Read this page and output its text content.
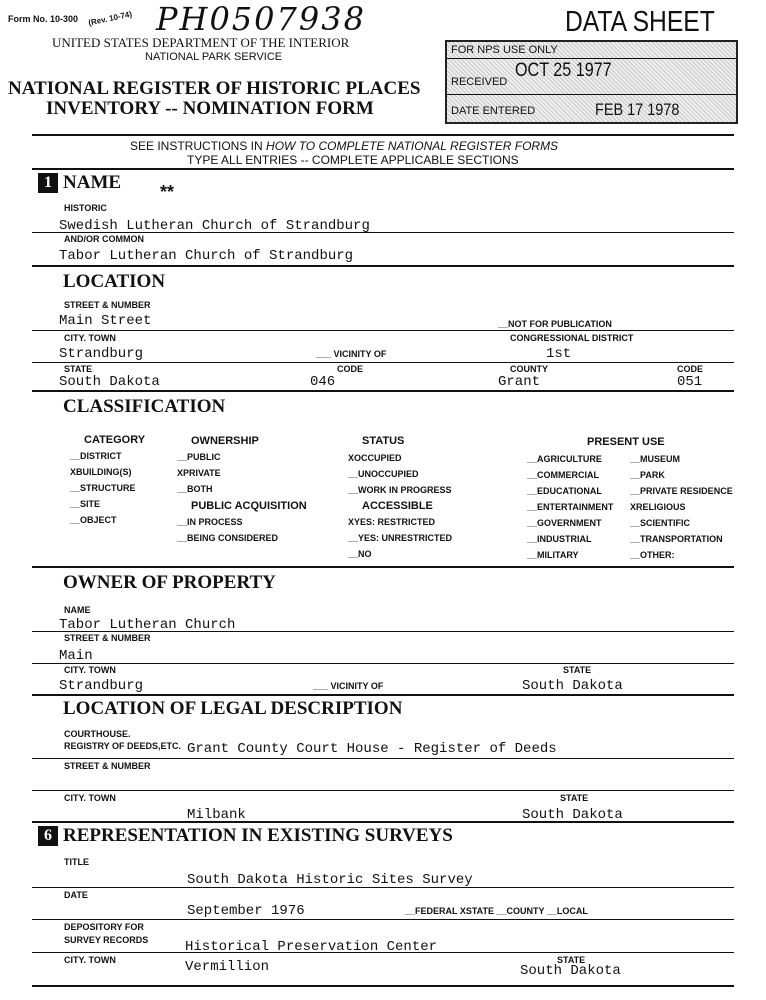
Form No. 10-300 (Rev. 10-74) PH0507938
UNITED STATES DEPARTMENT OF THE INTERIOR
NATIONAL PARK SERVICE
NATIONAL REGISTER OF HISTORIC PLACES
INVENTORY -- NOMINATION FORM
DATA SHEET
FOR NPS USE ONLY
RECEIVED
OCT 25 1977
DATE ENTERED	FEB 17 1978
SEE INSTRUCTIONS IN HOW TO COMPLETE NATIONAL REGISTER FORMS
TYPE ALL ENTRIES -- COMPLETE APPLICABLE SECTIONS
1 NAME **
HISTORIC
Swedish Lutheran Church of Strandburg
AND/OR COMMON
Tabor Lutheran Church of Strandburg
LOCATION
STREET & NUMBER
Main Street	__NOT FOR PUBLICATION
CITY. TOWN	CONGRESSIONAL DISTRICT
Strandburg	___ VICINITY OF	1st
STATE	CODE	COUNTY	CODE
South Dakota	046	Grant	051
CLASSIFICATION
CATEGORY
__DISTRICT
XBUILDING(S)
__STRUCTURE
__SITE
__OBJECT
OWNERSHIP
__PUBLIC
XPRIVATE
__BOTH
PUBLIC ACQUISITION
__IN PROCESS
__BEING CONSIDERED
STATUS
XOCCUPIED
__UNOCCUPIED
__WORK IN PROGRESS
ACCESSIBLE
XYES: RESTRICTED
__YES: UNRESTRICTED
__NO
PRESENT USE
__AGRICULTURE
__COMMERCIAL
__EDUCATIONAL
__ENTERTAINMENT
__GOVERNMENT
__INDUSTRIAL
__MILITARY
__MUSEUM
__PARK
__PRIVATE RESIDENCE
XRELIGIOUS
__SCIENTIFIC
__TRANSPORTATION
__OTHER:
OWNER OF PROPERTY
NAME
Tabor Lutheran Church
STREET & NUMBER
Main
CITY. TOWN	STATE
Strandburg	___ VICINITY OF	South Dakota
LOCATION OF LEGAL DESCRIPTION
COURTHOUSE.
REGISTRY OF DEEDS,ETC. Grant County Court House - Register of Deeds
STREET & NUMBER
CITY. TOWN	STATE
Milbank	South Dakota
6 REPRESENTATION IN EXISTING SURVEYS
TITLE
South Dakota Historic Sites Survey
DATE
September 1976	__FEDERAL XSTATE __COUNTY __LOCAL
DEPOSITORY FOR
SURVEY RECORDS	Historical Preservation Center
CITY. TOWN	STATE
Vermillion	South Dakota
